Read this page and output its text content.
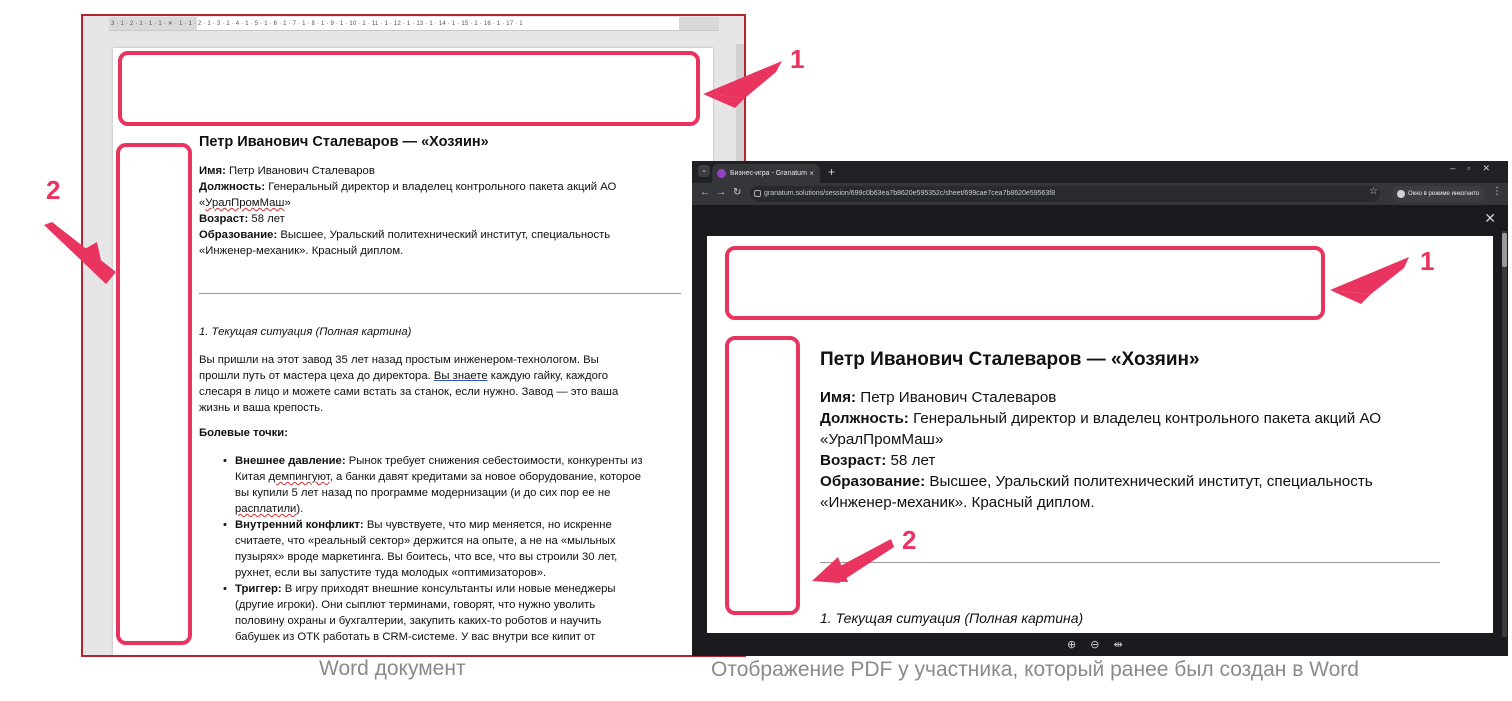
3 · 1 · 2 · 1 · 1 · 1 · ✕ · 1 · 1 · 2 · 1 · 3 · 1 · 4 · 1 · 5 · 1 · 6 · 1 · 7 · 1 · 8 · 1 · 9 · 1 · 10 · 1 · 11 · 1 · 12 · 1 · 13 · 1 · 14 · 1 · 15 · 1 · 16 · 1 · 17 · 1
Петр Иванович Сталеваров — «Хозяин»
Имя: Петр Иванович Сталеваров
Должность: Генеральный директор и владелец контрольного пакета акций АО
«УралПромМаш»
Возраст: 58 лет
Образование: Высшее, Уральский политехнический институт, специальность
«Инженер-механик». Красный диплом.
1. Текущая ситуация (Полная картина)
Вы пришли на этот завод 35 лет назад простым инженером-технологом. Вы
прошли путь от мастера цеха до директора. Вы знаете каждую гайку, каждого
слесаря в лицо и можете сами встать за станок, если нужно. Завод — это ваша
жизнь и ваша крепость.
Болевые точки:
• Внешнее давление: Рынок требует снижения себестоимости, конкуренты из
Китая демпингуют, а банки давят кредитами за новое оборудование, которое
вы купили 5 лет назад по программе модернизации (и до сих пор ее не
расплатили).
• Внутренний конфликт: Вы чувствуете, что мир меняется, но искренне
считаете, что «реальный сектор» держится на опыте, а не на «мыльных
пузырях» вроде маркетинга. Вы боитесь, что все, что вы строили 30 лет,
рухнет, если вы запустите туда молодых «оптимизаторов».
• Триггер: В игру приходят внешние консультанты или новые менеджеры
(другие игроки). Они сыплют терминами, говорят, что нужно уволить
половину охраны и бухгалтерии, закупить каких-то роботов и научить
бабушек из ОТК работать в CRM-системе. У вас внутри все кипит от
1
2
Word документ
⌄	Бизнес-игра - Granatum × +	–▫✕
← → ↻	granatum.solutions/session/699c0b63ea7b8620e595352c/sheet/699cae7cea7b8620e59563f8	☆	Окно в режиме инкогнито	⋮
✕
⊕⊖⇹
Петр Иванович Сталеваров — «Хозяин»
Имя: Петр Иванович Сталеваров
Должность: Генеральный директор и владелец контрольного пакета акций АО
«УралПромМаш»
Возраст: 58 лет
Образование: Высшее, Уральский политехнический институт, специальность
«Инженер-механик». Красный диплом.
1. Текущая ситуация (Полная картина)
1
2
Отображение PDF у участника, который ранее был создан в Word
